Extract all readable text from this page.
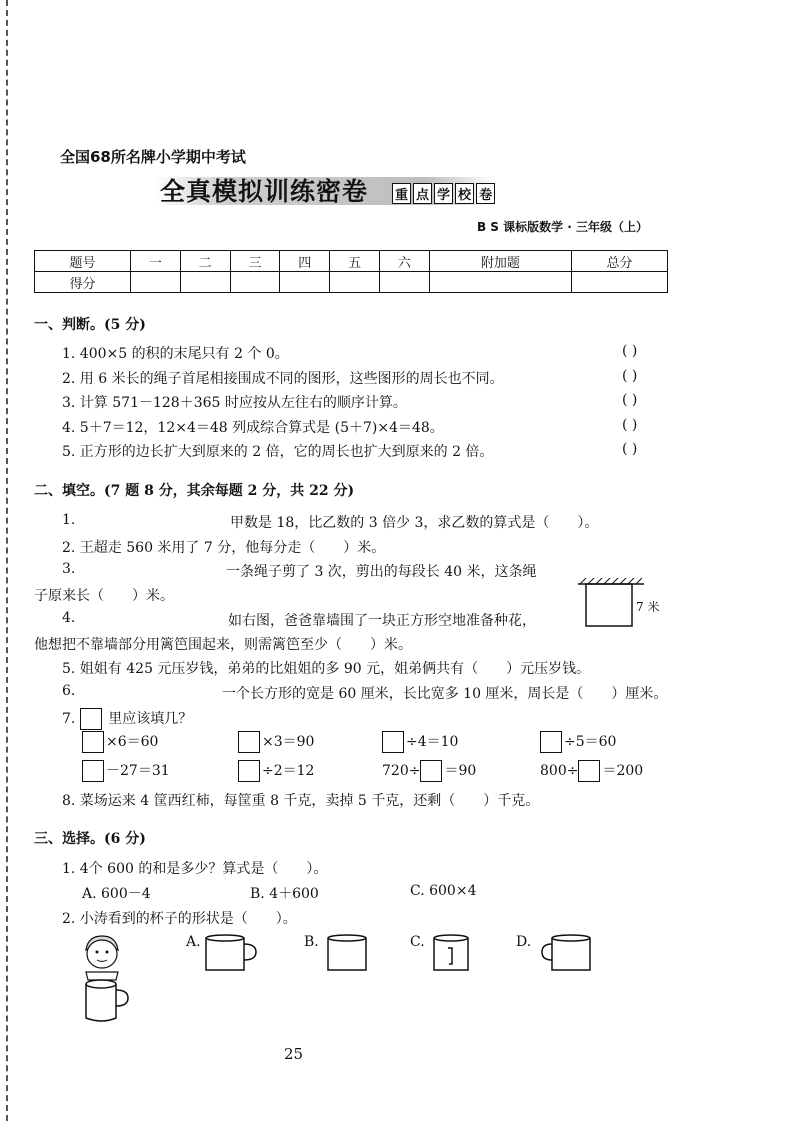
全国68所名牌小学期中考试
全真模拟训练密卷 重 点 学 校 卷
B S 课标版数学 · 三年级（上）
题号	一	二	三	四	五	六	附加题	总分
得分								
一、判断。(5 分)
1. 400×5 的积的末尾只有 2 个 0。	( )
2. 用 6 米长的绳子首尾相接围成不同的图形，这些图形的周长也不同。	( )
3. 计算 571－128＋365 时应按从左往右的顺序计算。	( )
4. 5＋7＝12，12×4＝48 列成综合算式是 (5＋7)×4＝48。	( )
5. 正方形的边长扩大到原来的 2 倍，它的周长也扩大到原来的 2 倍。	( )
二、填空。(7 题 8 分，其余每题 2 分，共 22 分)
1.	甲数是 18，比乙数的 3 倍少 3，求乙数的算式是（　　）。
2. 王超走 560 米用了 7 分，他每分走（　　）米。
3.	一条绳子剪了 3 次，剪出的每段长 40 米，这条绳
子原来长（　　）米。
4.	如右图，爸爸靠墙围了一块正方形空地准备种花，
他想把不靠墙部分用篱笆围起来，则需篱笆至少（　　）米。
7 米
5. 姐姐有 425 元压岁钱，弟弟的比姐姐的多 90 元，姐弟俩共有（　　）元压岁钱。
6.	一个长方形的宽是 60 厘米，长比宽多 10 厘米，周长是（　　）厘米。
7. 里应该填几？
×6＝60	×3＝90	÷4＝10	÷5＝60
－27＝31	÷2＝12	720÷ ＝90	800÷ ＝200
8. 菜场运来 4 筐西红柿，每筐重 8 千克，卖掉 5 千克，还剩（　　）千克。
三、选择。(6 分)
1. 4个 600 的和是多少？算式是（　　）。
A. 600－4	B. 4＋600	C. 600×4
2. 小涛看到的杯子的形状是（　　）。
A.	B.	C.	D.
25
